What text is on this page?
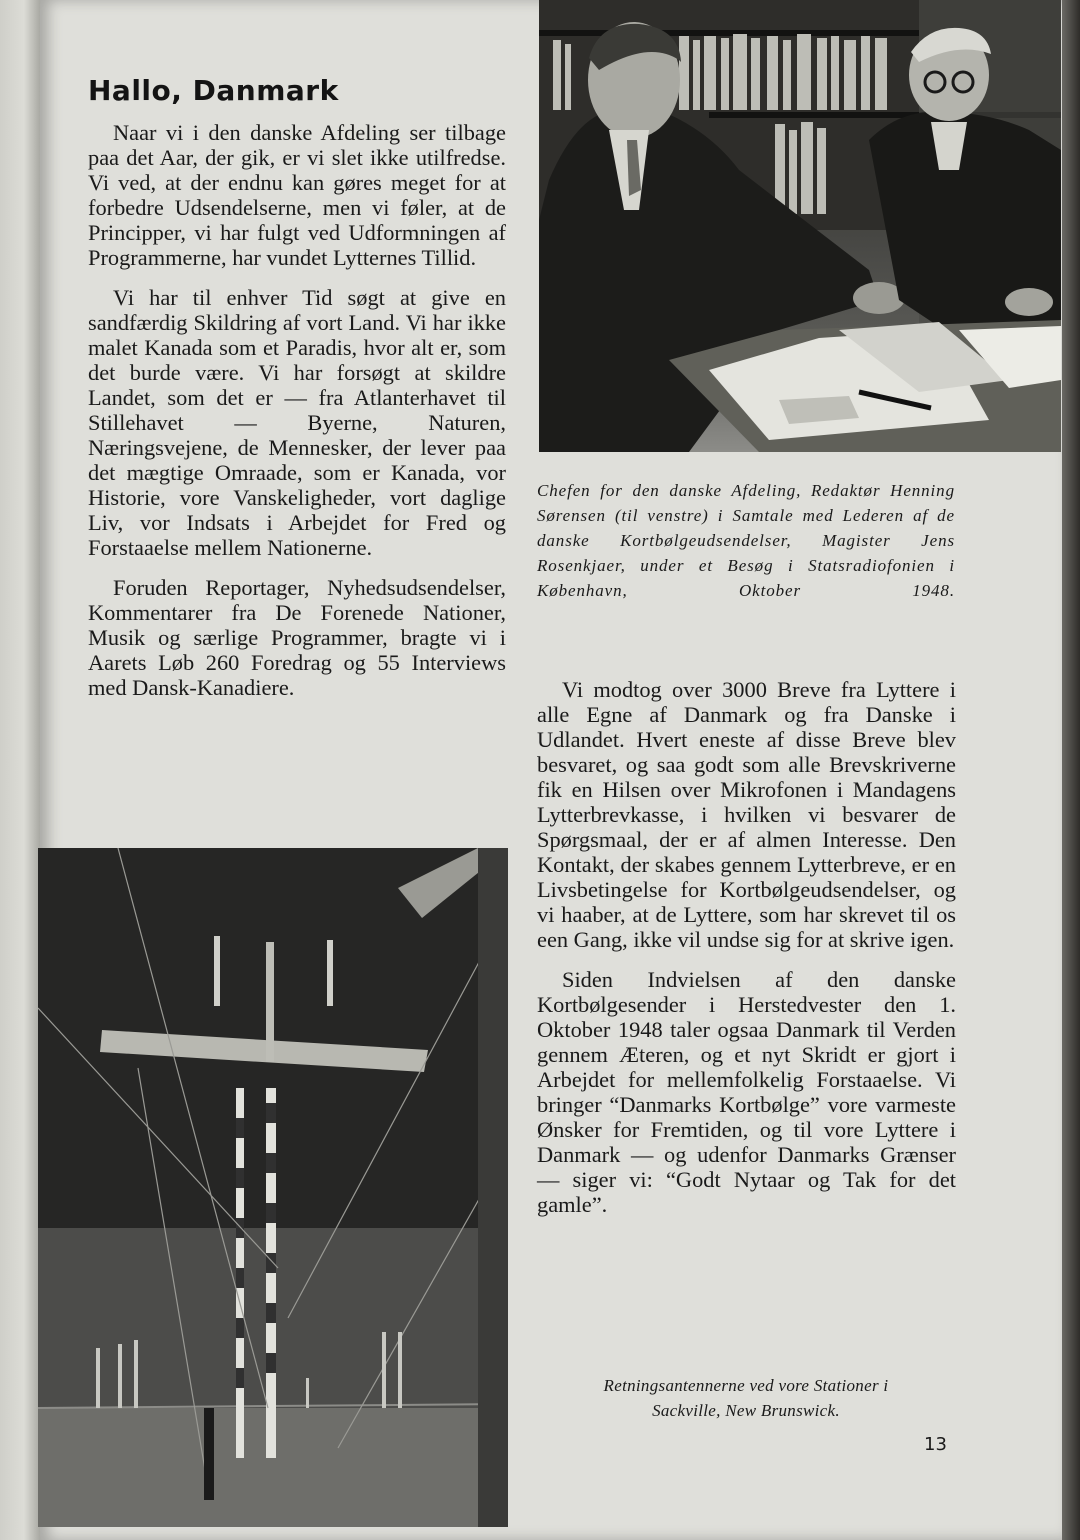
Hallo, Danmark

Naar vi i den danske Afdeling ser tilbage paa det Aar, der gik, er vi slet ikke utilfredse. Vi ved, at der endnu kan gøres meget for at forbedre Udsendelserne, men vi føler, at de Principper, vi har fulgt ved Udformningen af Programmerne, har vundet Lytternes Tillid.

Vi har til enhver Tid søgt at give en sandfærdig Skildring af vort Land. Vi har ikke malet Kanada som et Paradis, hvor alt er, som det burde være. Vi har forsøgt at skildre Landet, som det er — fra Atlanterhavet til Stillehavet — Byerne, Naturen, Næringsvejene, de Mennesker, der lever paa det mægtige Omraade, som er Kanada, vor Historie, vore Vanskeligheder, vort daglige Liv, vor Indsats i Arbejdet for Fred og Forstaaelse mellem Nationerne.

Foruden Reportager, Nyhedsudsendelser, Kommentarer fra De Forenede Nationer, Musik og særlige Programmer, bragte vi i Aarets Løb 260 Foredrag og 55 Interviews med Dansk-Kanadiere.

Chefen for den danske Afdeling, Redaktør Henning Sørensen (til venstre) i Samtale med Lederen af de danske Kortbølgeudsendelser, Magister Jens Rosenkjaer, under et Besøg i Statsradiofonien i København, Oktober 1948.

Vi modtog over 3000 Breve fra Lyttere i alle Egne af Danmark og fra Danske i Udlandet. Hvert eneste af disse Breve blev besvaret, og saa godt som alle Brevskriverne fik en Hilsen over Mikrofonen i Mandagens Lytterbrevkasse, i hvilken vi besvarer de Spørgsmaal, der er af almen Interesse. Den Kontakt, der skabes gennem Lytterbreve, er en Livsbetingelse for Kortbølgeudsendelser, og vi haaber, at de Lyttere, som har skrevet til os een Gang, ikke vil undse sig for at skrive igen.

Siden Indvielsen af den danske Kortbølgesender i Herstedvester den 1. Oktober 1948 taler ogsaa Danmark til Verden gennem Æteren, og et nyt Skridt er gjort i Arbejdet for mellemfolkelig Forstaaelse. Vi bringer “Danmarks Kortbølge” vore varmeste Ønsker for Fremtiden, og til vore Lyttere i Danmark — og udenfor Danmarks Grænser — siger vi: “Godt Nytaar og Tak for det gamle”.

Retningsantennerne ved vore Stationer i
Sackville, New Brunswick.

13
